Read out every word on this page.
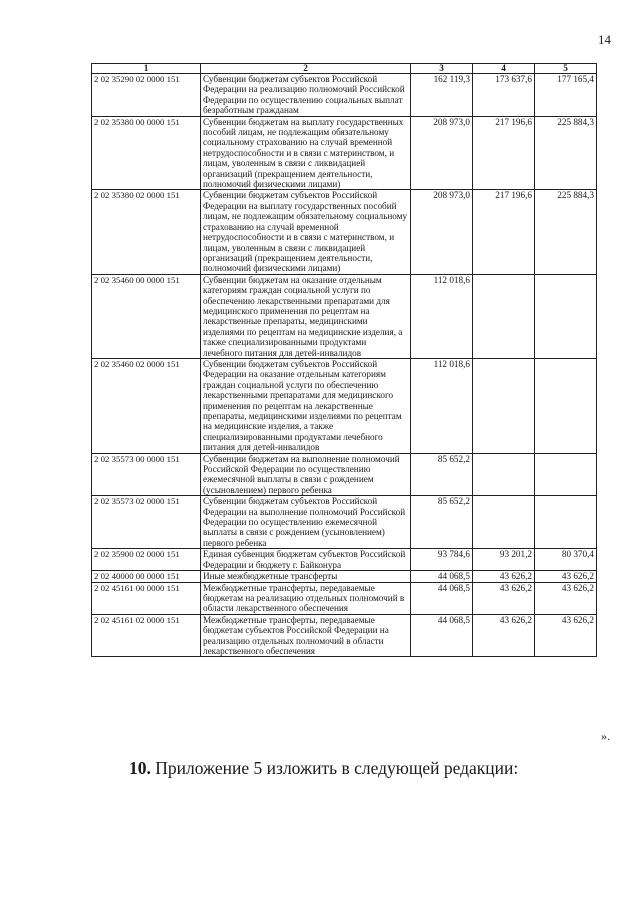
14
1	2	3	4	5
2 02 35290 02 0000 151	Субвенции бюджетам субъектов Российской Федерации на реализацию полномочий Российской Федерации по осуществлению социальных выплат безработным гражданам	162 119,3	173 637,6	177 165,4
2 02 35380 00 0000 151	Субвенции бюджетам на выплату государственных пособий лицам, не подлежащим обязательному социальному страхованию на случай временной нетрудоспособности и в связи с материнством, и лицам, уволенным в связи с ликвидацией организаций (прекращением деятельности, полномочий физическими лицами)	208 973,0	217 196,6	225 884,3
2 02 35380 02 0000 151	Субвенции бюджетам субъектов Российской Федерации на выплату государственных пособий лицам, не подлежащим обязательному социальному страхованию на случай временной нетрудоспособности и в связи с материнством, и лицам, уволенным в связи с ликвидацией организаций (прекращением деятельности, полномочий физическими лицами)	208 973,0	217 196,6	225 884,3
2 02 35460 00 0000 151	Субвенции бюджетам на оказание отдельным категориям граждан социальной услуги по обеспечению лекарственными препаратами для медицинского применения по рецептам на лекарственные препараты, медицинскими изделиями по рецептам на медицинские изделия, а также специализированными продуктами лечебного питания для детей-инвалидов	112 018,6		
2 02 35460 02 0000 151	Субвенции бюджетам субъектов Российской Федерации на оказание отдельным категориям граждан социальной услуги по обеспечению лекарственными препаратами для медицинского применения по рецептам на лекарственные препараты, медицинскими изделиями по рецептам на медицинские изделия, а также специализированными продуктами лечебного питания для детей-инвалидов	112 018,6		
2 02 35573 00 0000 151	Субвенции бюджетам на выполнение полномочий Российской Федерации по осуществлению ежемесячной выплаты в связи с рождением (усыновлением) первого ребенка	85 652,2		
2 02 35573 02 0000 151	Субвенции бюджетам субъектов Российской Федерации на выполнение полномочий Российской Федерации по осуществлению ежемесячной выплаты в связи с рождением (усыновлением) первого ребенка	85 652,2		
2 02 35900 02 0000 151	Единая субвенция бюджетам субъектов Российской Федерации и бюджету г. Байконура	93 784,6	93 201,2	80 370,4
2 02 40000 00 0000 151	Иные межбюджетные трансферты	44 068,5	43 626,2	43 626,2
2 02 45161 00 0000 151	Межбюджетные трансферты, передаваемые бюджетам на реализацию отдельных полномочий в области лекарственного обеспечения	44 068,5	43 626,2	43 626,2
2 02 45161 02 0000 151	Межбюджетные трансферты, передаваемые бюджетам субъектов Российской Федерации на реализацию отдельных полномочий в области лекарственного обеспечения	44 068,5	43 626,2	43 626,2
».
10. Приложение 5 изложить в следующей редакции:
